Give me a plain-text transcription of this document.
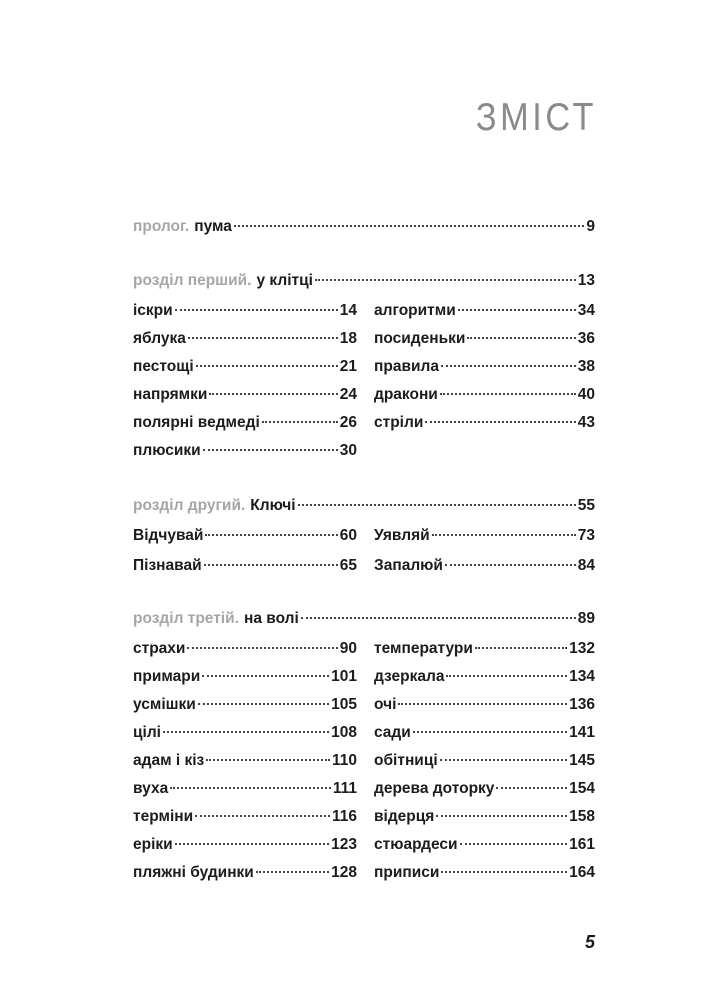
ЗМІСТ
пролог. пума	9
розділ перший. у клітці	13
іскри	14
яблука	18
пестощі	21
напрямки	24
полярні ведмеді	26
плюсики	30
алгоритми	34
посиденьки	36
правила	38
дракони	40
стріли	43
розділ другий. Ключі	55
Відчувай	60
Пізнавай	65
Уявляй	73
Запалюй	84
розділ третій. на волі	89
страхи	90
примари	101
усмішки	105
цілі	108
адам і кіз	110
вуха	111
терміни	116
еріки	123
пляжні будинки	128
температури	132
дзеркала	134
очі	136
сади	141
обітниці	145
дерева доторку	154
відерця	158
стюардеси	161
приписи	164
5
